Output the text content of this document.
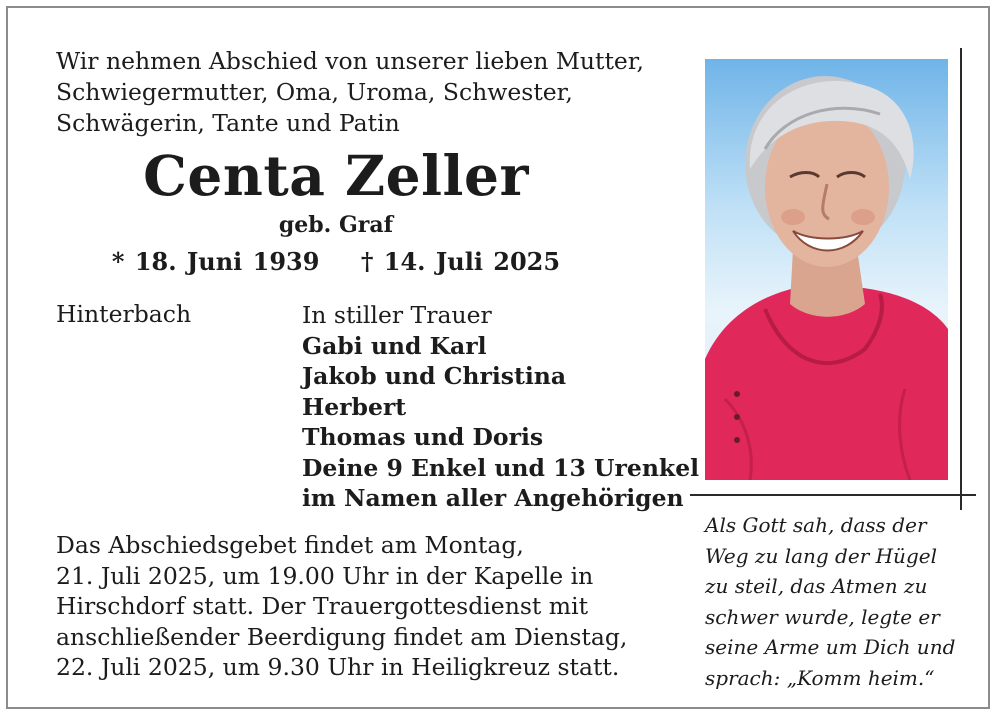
Wir nehmen Abschied von unserer lieben Mutter,
Schwiegermutter, Oma, Uroma, Schwester,
Schwägerin, Tante und Patin
Centa Zeller
geb. Graf
* 18. Juni 1939 † 14. Juli 2025
Hinterbach	In stiller Trauer
Gabi und Karl
Jakob und Christina
Herbert
Thomas und Doris
Deine 9 Enkel und 13 Urenkel
im Namen aller Angehörigen
Das Abschiedsgebet findet am Montag,
21. Juli 2025, um 19.00 Uhr in der Kapelle in
Hirschdorf statt. Der Trauergottesdienst mit
anschließender Beerdigung findet am Dienstag,
22. Juli 2025, um 9.30 Uhr in Heiligkreuz statt.
Als Gott sah, dass der
Weg zu lang der Hügel
zu steil, das Atmen zu
schwer wurde, legte er
seine Arme um Dich und
sprach: „Komm heim.“
